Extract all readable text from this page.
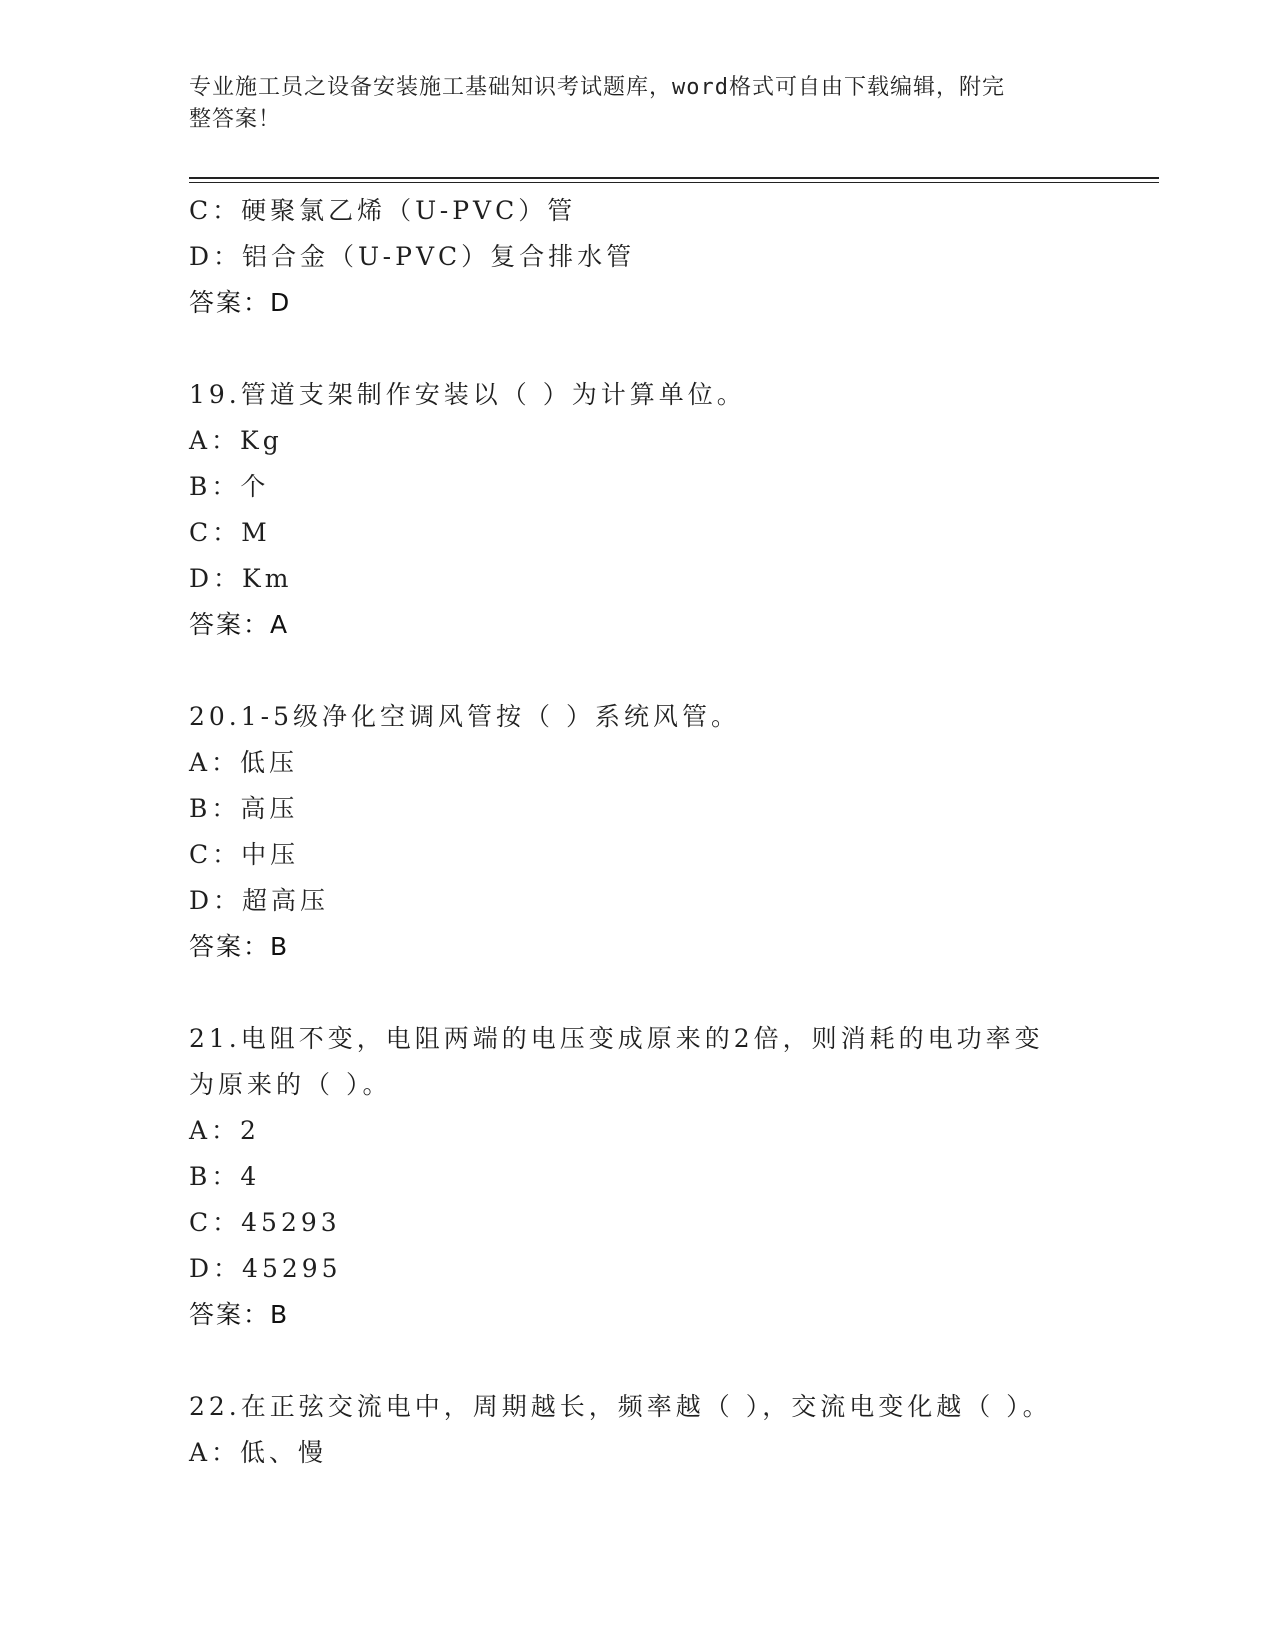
专业施工员之设备安装施工基础知识考试题库，word格式可自由下载编辑，附完
整答案！
C：硬聚氯乙烯（U-PVC）管
D：铝合金（U-PVC）复合排水管
答案：D
19.管道支架制作安装以（ ）为计算单位。
A：Kg
B：个
C：M
D：Km
答案：A
20.1-5级净化空调风管按（ ）系统风管。
A：低压
B：高压
C：中压
D：超高压
答案：B
21.电阻不变，电阻两端的电压变成原来的2倍，则消耗的电功率变为原来的（ ）。
A：2
B：4
C：45293
D：45295
答案：B
22.在正弦交流电中，周期越长，频率越（ ），交流电变化越（ ）。
A：低、慢
